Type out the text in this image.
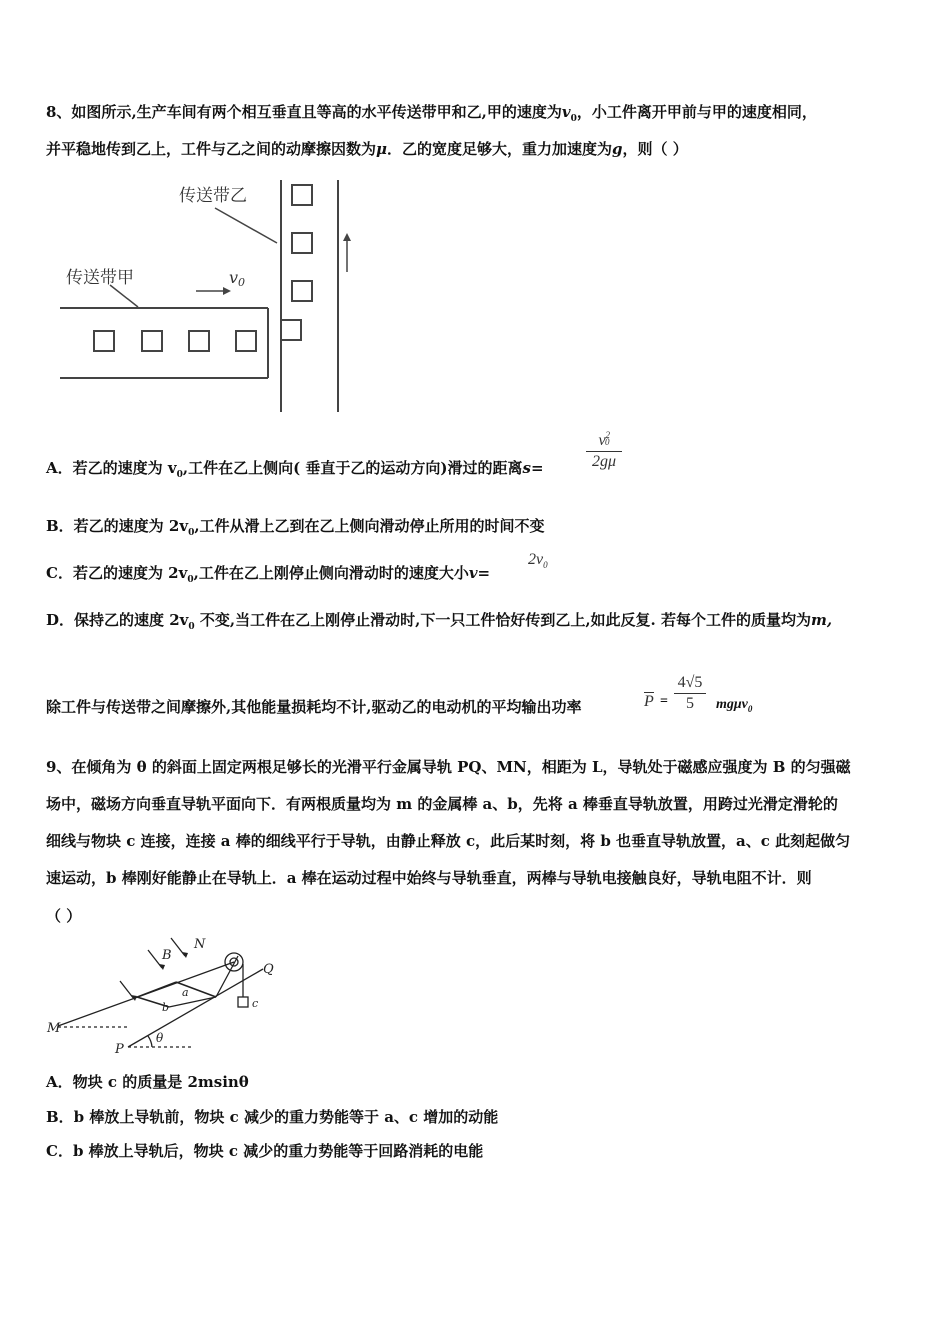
8、如图所示,生产车间有两个相互垂直且等高的水平传送带甲和乙,甲的速度为$v_0$，小工件离开甲前与甲的速度相同，
并平稳地传到乙上，工件与乙之间的动摩擦因数为μ．乙的宽度足够大，重力加速度为g，则（ ）
传送带乙
传送带甲	v0
A．若乙的速度为 $v_0$,工件在乙上侧向( 垂直于乙的运动方向)滑过的距离s=
$v^20$
2gμ
B．若乙的速度为 $2v_0$,工件从滑上乙到在乙上侧向滑动停止所用的时间不变
C．若乙的速度为 $2v_0$,工件在乙上刚停止侧向滑动时的速度大小v=
$2v_0$
D．保持乙的速度 $2v_0$ 不变,当工件在乙上刚停止滑动时,下一只工件恰好传到乙上,如此反复. 若每个工件的质量均为m,
除工件与传送带之间摩擦外,其他能量损耗均不计,驱动乙的电动机的平均输出功率	P =
4√5
5	mgμv$_0$
9、在倾角为 θ 的斜面上固定两根足够长的光滑平行金属导轨 PQ、MN，相距为 L，导轨处于磁感应强度为 B 的匀强磁
场中，磁场方向垂直导轨平面向下．有两根质量均为 m 的金属棒 a、b，先将 a 棒垂直导轨放置，用跨过光滑定滑轮的
细线与物块 c 连接，连接 a 棒的细线平行于导轨，由静止释放 c，此后某时刻，将 b 也垂直导轨放置，a、c 此刻起做匀
速运动，b 棒刚好能静止在导轨上．a 棒在运动过程中始终与导轨垂直，两棒与导轨电接触良好，导轨电阻不计．则
（ ）
N
B
Q
a
b	c
M
P
θ
A．物块 c 的质量是 2msinθ
B．b 棒放上导轨前，物块 c 减少的重力势能等于 a、c 增加的动能
C．b 棒放上导轨后，物块 c 减少的重力势能等于回路消耗的电能
